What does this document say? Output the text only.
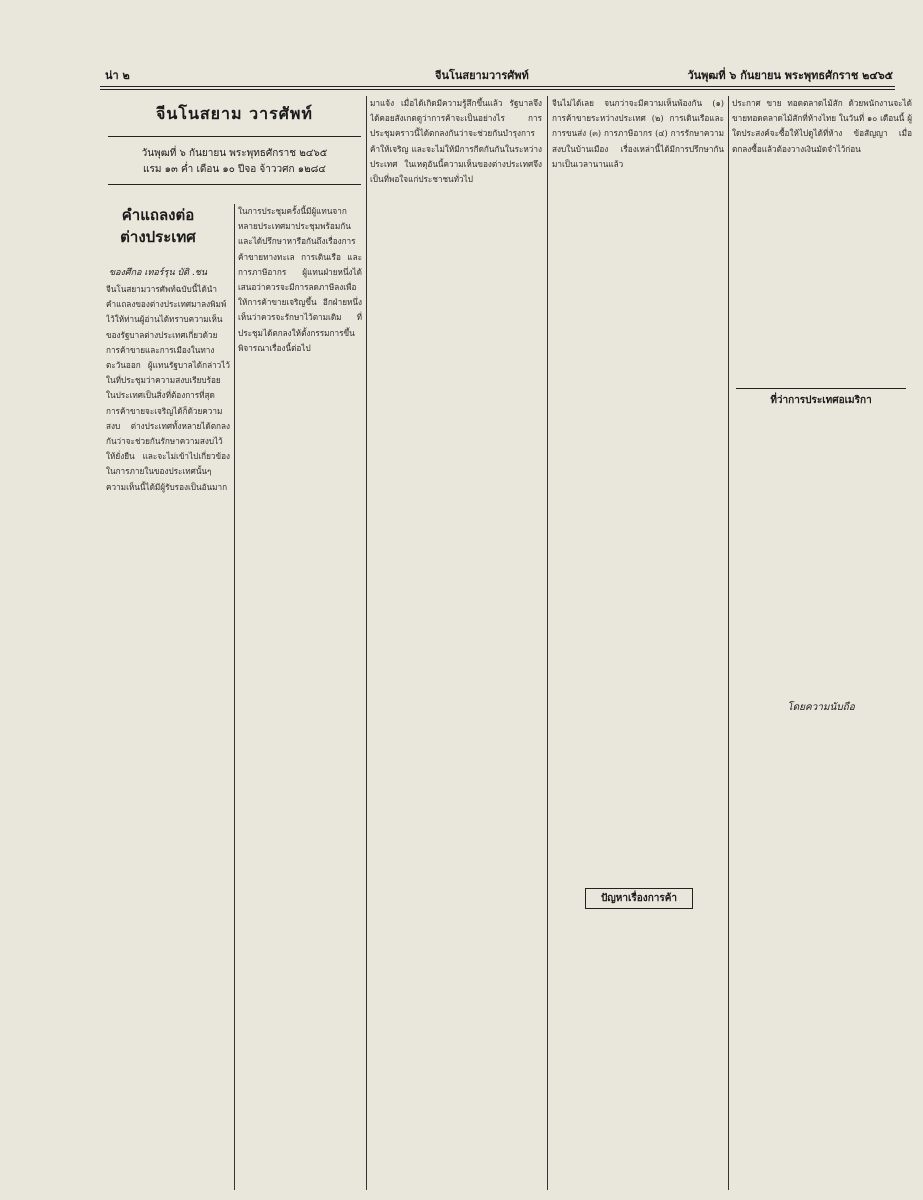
น่า ๒	จีนโนสยามวารศัพท์	วันพุฒที่ ๖ กันยายน พระพุทธศักราช ๒๔๖๕
จีนโนสยาม วารศัพท์
วันพุฒที่ ๖ กันยายน พระพุทธศักราช ๒๔๖๕
แรม ๑๓ ค่ำ เดือน ๑๐ ปีจอ จ้าววศก ๑๒๘๔
คำแถลงต่อ
ต่างประเทศ
ของศึกอ เทอร์รุน บัติ .ชน
จีนโนสยามวารศัพท์ฉบับนี้ได้นำคำแถลงของต่างประเทศมาลงพิมพ์ไว้ให้ท่านผู้อ่านได้ทราบความเห็นของรัฐบาลต่างประเทศเกี่ยวด้วยการค้าขายและการเมืองในทางตะวันออก ผู้แทนรัฐบาลได้กล่าวไว้ในที่ประชุมว่าความสงบเรียบร้อยในประเทศเป็นสิ่งที่ต้องการที่สุด การค้าขายจะเจริญได้ก็ด้วยความสงบ ต่างประเทศทั้งหลายได้ตกลงกันว่าจะช่วยกันรักษาความสงบไว้ให้ยั่งยืน และจะไม่เข้าไปเกี่ยวข้องในการภายในของประเทศนั้นๆ ความเห็นนี้ได้มีผู้รับรองเป็นอันมาก
ในการประชุมครั้งนี้มีผู้แทนจากหลายประเทศมาประชุมพร้อมกัน และได้ปรึกษาหารือกันถึงเรื่องการค้าขายทางทะเล การเดินเรือ และการภาษีอากร ผู้แทนฝ่ายหนึ่งได้เสนอว่าควรจะมีการลดภาษีลงเพื่อให้การค้าขายเจริญขึ้น อีกฝ่ายหนึ่งเห็นว่าควรจะรักษาไว้ตามเดิม ที่ประชุมได้ตกลงให้ตั้งกรรมการขึ้นพิจารณาเรื่องนี้ต่อไป
มาแจ้ง เมื่อได้เกิดมีความรู้สึกขึ้นแล้ว รัฐบาลจึงได้คอยสังเกตดูว่าการค้าจะเป็นอย่างไร การประชุมคราวนี้ได้ตกลงกันว่าจะช่วยกันบำรุงการค้าให้เจริญ และจะไม่ให้มีการกีดกันกันในระหว่างประเทศ ในเหตุอันนี้ความเห็นของต่างประเทศจึงเป็นที่พอใจแก่ประชาชนทั่วไป
จีนไม่ได้เลย จนกว่าจะมีความเห็นพ้องกัน (๑) การค้าขายระหว่างประเทศ (๒) การเดินเรือและการขนส่ง (๓) การภาษีอากร (๔) การรักษาความสงบในบ้านเมือง เรื่องเหล่านี้ได้มีการปรึกษากันมาเป็นเวลานานแล้ว
ปัญหาเรื่องการค้า
ประกาศ ขาย ทอดตลาดไม้สัก ด้วยพนักงานจะได้ขายทอดตลาดไม้สักที่ห้างไทย ในวันที่ ๑๐ เดือนนี้ ผู้ใดประสงค์จะซื้อให้ไปดูได้ที่ห้าง ข้อสัญญา เมื่อตกลงซื้อแล้วต้องวางเงินมัดจำไว้ก่อน
ที่ว่าการประเทศอเมริกา
โดยความนับถือ
